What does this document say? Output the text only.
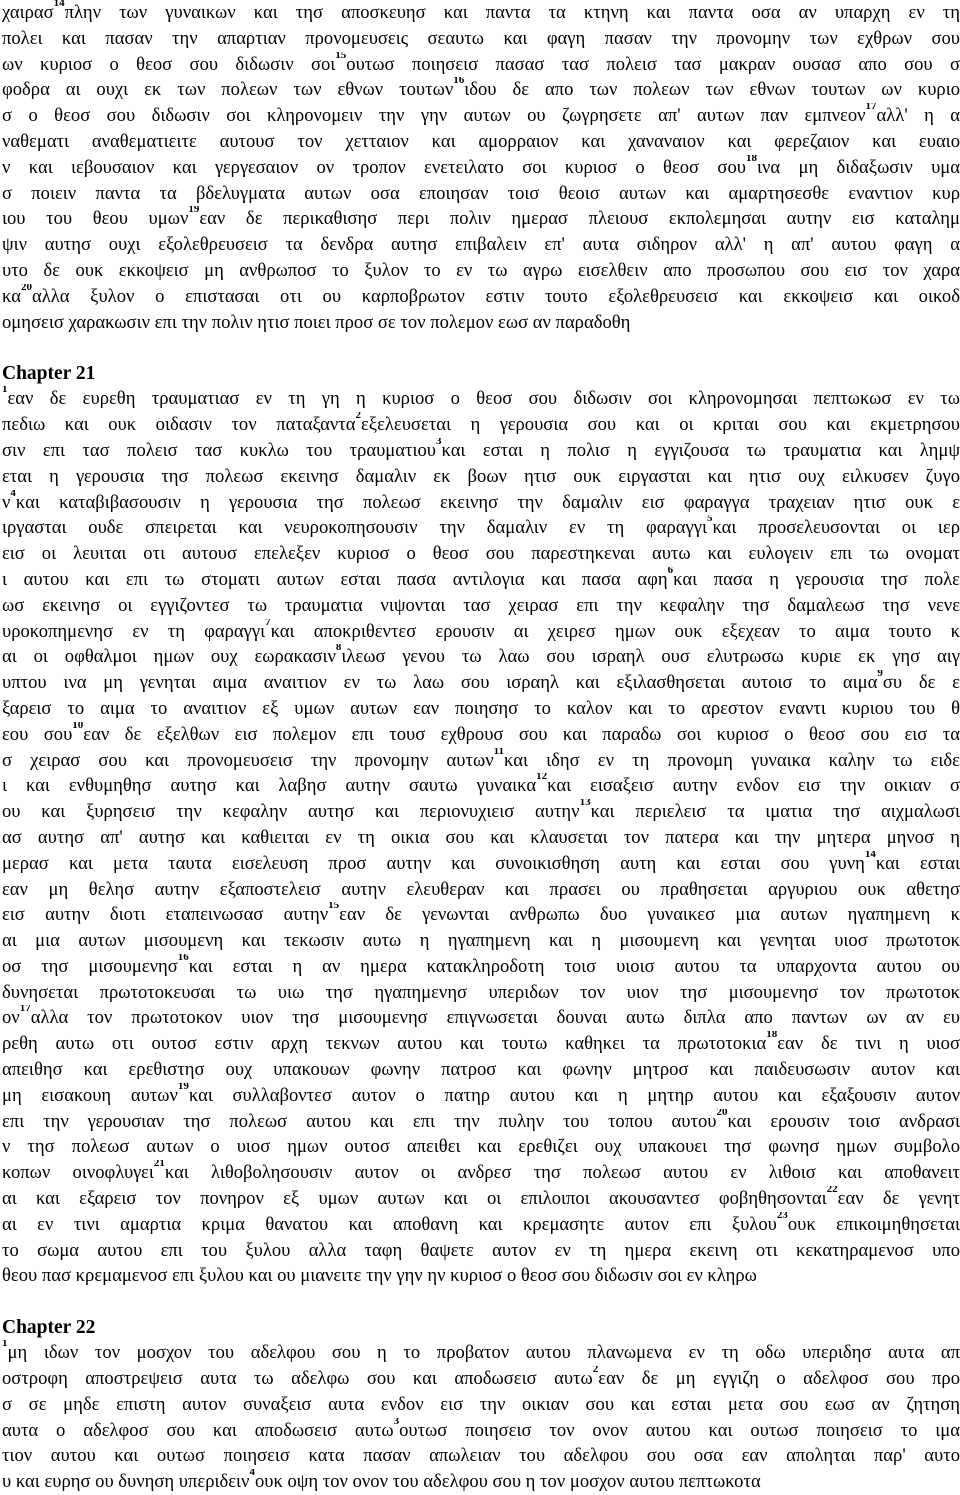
χαιρασ$^{14}$πλην των γυναικων και τησ αποσκευησ και παντα τα κτηνη και παντα οσα αν υπαρχη εν τη
πολει και πασαν την απαρτιαν προνομευσεις σεαυτω και φαγη πασαν την προνομην των εχθρων σου
ων κυριοσ ο θεοσ σου διδωσιν σοι$^{15}$ουτωσ ποιησεισ πασασ τασ πολεισ τασ μακραν ουσασ απο σου σ
φοδρα αι ουχι εκ των πολεων των εθνων τουτων$^{16}$ιδου δε απο των πολεων των εθνων τουτων ων κυριο
σ ο θεοσ σου διδωσιν σοι κληρονομειν την γην αυτων ου ζωγρησετε απ' αυτων παν εμπνεον$^{17}$αλλ' η α
ναθεματι αναθεματιειτε αυτουσ τον χετταιον και αμορραιον και χαναναιον και φερεζαιον και ευαιο
ν και ιεβουσαιον και γεργεσαιον ον τροπον ενετειλατο σοι κυριοσ ο θεοσ σου$^{18}$ινα μη διδαξωσιν υμα
σ ποιειν παντα τα βδελυγματα αυτων οσα εποιησαν τοισ θεοισ αυτων και αμαρτησεσθε εναντιον κυρ
ιου του θεου υμων$^{19}$εαν δε περικαθισησ περι πολιν ημερασ πλειουσ εκπολεμησαι αυτην εισ καταλημ
ψιν αυτησ ουχι εξολεθρευσεισ τα δενδρα αυτησ επιβαλειν επ' αυτα σιδηρον αλλ' η απ' αυτου φαγη α
υτο δε ουκ εκκοψεισ μη ανθρωποσ το ξυλον το εν τω αγρω εισελθειν απο προσωπου σου εισ τον χαρα
$\kappa\alpha^{20}\alpha\lambda\lambda\alpha$ ξυλον ο επιστασαι οτι ου καρποβρωτον εστιν τουτο εξολεθρευσεισ και εκκοψεισ και οικοδ
ομησεισ χαρακωσιν επι την πολιν ητισ ποιει προσ σε τον πολεμον εωσ αν παραδοθη
Chapter 21
$^1$εαν δε ευρεθη τραυματιασ εν τη γη η κυριοσ ο θεοσ σου διδωσιν σοι κληρονομησαι πεπτωκωσ εν τω
πεδιω και ουκ οιδασιν τον παταξαντα$^2$εξελευσεται η γερουσια σου και οι κριται σου και εκμετρησου
σιν επι τασ πολεισ τασ κυκλω του τραυματιου$^3$και εσται η πολισ η εγγιζουσα τω τραυματια και λημψ
εται η γερουσια τησ πολεωσ εκεινησ δαμαλιν εκ βοων ητισ ουκ ειργασται και ητισ ουχ ειλκυσεν ζυγο
$\nu^4\kappa\alpha\iota$ καταβιβασουσιν η γερουσια τησ πολεωσ εκεινησ την δαμαλιν εισ φαραγγα τραχειαν ητισ ουκ ε
ιργασται ουδε σπειρεται και νευροκοπησουσιν την δαμαλιν εν τη φαραγγι$^5$και προσελευσονται οι ιερ
εισ οι λευιται οτι αυτουσ επελεξεν κυριοσ ο θεοσ σου παρεστηκεναι αυτω και ευλογειν επι τω ονοματ
ι αυτου και επι τω στοματι αυτων εσται πασα αντιλογια και πασα αφη$^6$και πασα η γερουσια τησ πολε
ωσ εκεινησ οι εγγιζοντεσ τω τραυματια νιψονται τασ χειρασ επι την κεφαλην τησ δαμαλεωσ τησ νενε
υροκοπημενησ εν τη φαραγγι$^7$και αποκριθεντεσ ερουσιν αι χειρεσ ημων ουκ εξεχεαν το αιμα τουτο κ
αι οι οφθαλμοι ημων ουχ εωρακασιν$^8$ιλεωσ γενου τω λαω σου ισραηλ ουσ ελυτρωσω κυριε εκ γησ αιγ
υπτου ινα μη γενηται αιμα αναιτιον εν τω λαω σου ισραηλ και εξιλασθησεται αυτοισ το αιμα$^9$συ δε ε
ξαρεισ το αιμα το αναιτιον εξ υμων αυτων εαν ποιησησ το καλον και το αρεστον εναντι κυριου του θ
εου σου$^{10}$εαν δε εξελθων εισ πολεμον επι τουσ εχθρουσ σου και παραδω σοι κυριοσ ο θεοσ σου εισ τα
σ χειρασ σου και προνομευσεισ την προνομην αυτων$^{11}$και ιδησ εν τη προνομη γυναικα καλην τω ειδε
ι και ενθυμηθησ αυτησ και λαβησ αυτην σαυτω γυναικα$^{12}$και εισαξεισ αυτην ενδον εισ την οικιαν σ
ου και ξυρησεισ την κεφαλην αυτησ και περιονυχιεισ αυτην$^{13}$και περιελεισ τα ιματια τησ αιχμαλωσι
ασ αυτησ απ' αυτησ και καθιειται εν τη οικια σου και κλαυσεται τον πατερα και την μητερα μηνοσ η
μερασ και μετα ταυτα εισελευση προσ αυτην και συνοικισθηση αυτη και εσται σου γυνη$^{14}$και εσται
εαν μη θελησ αυτην εξαποστελεισ αυτην ελευθεραν και πρασει ου πραθησεται αργυριου ουκ αθετησ
εισ αυτην διοτι εταπεινωσασ αυτην$^{15}$εαν δε γενωνται ανθρωπω δυο γυναικεσ μια αυτων ηγαπημενη κ
αι μια αυτων μισουμενη και τεκωσιν αυτω η ηγαπημενη και η μισουμενη και γενηται υιοσ πρωτοτοκ
οσ τησ μισουμενησ$^{16}$και εσται η αν ημερα κατακληροδοτη τοισ υιοισ αυτου τα υπαρχοντα αυτου ου
δυνησεται πρωτοτοκευσαι τω υιω τησ ηγαπημενησ υπεριδων τον υιον τησ μισουμενησ τον πρωτοτοκ
$o\nu^{17}\alpha\lambda\lambda\alpha$ τον πρωτοτοκον υιον τησ μισουμενησ επιγνωσεται δουναι αυτω διπλα απο παντων ων αν ευ
ρεθη αυτω οτι ουτοσ εστιν αρχη τεκνων αυτου και τουτω καθηκει τα πρωτοτοκια$^{18}$εαν δε τινι η υιοσ
απειθησ και ερεθιστησ ουχ υπακουων φωνην πατροσ και φωνην μητροσ και παιδευσωσιν αυτον και
μη εισακουη αυτων$^{19}$και συλλαβοντεσ αυτον ο πατηρ αυτου και η μητηρ αυτου και εξαξουσιν αυτον
επι την γερουσιαν τησ πολεωσ αυτου και επι την πυλην του τοπου αυτου$^{20}$και ερουσιν τοισ ανδρασι
ν τησ πολεωσ αυτων ο υιοσ ημων ουτοσ απειθει και ερεθιζει ουχ υπακουει τησ φωνησ ημων συμβολο
κοπων οινοφλυγει$^{21}$και λιθοβολησουσιν αυτον οι ανδρεσ τησ πολεωσ αυτου εν λιθοισ και αποθανειτ
αι και εξαρεισ τον πονηρον εξ υμων αυτων και οι επιλοιποι ακουσαντεσ φοβηθησονται$^{22}$εαν δε γενητ
αι εν τινι αμαρτια κριμα θανατου και αποθανη και κρεμασητε αυτον επι ξυλου$^{23}$ουκ επικοιμηθησεται
το σωμα αυτου επι του ξυλου αλλα ταφη θαψετε αυτον εν τη ημερα εκεινη οτι κεκατηραμενοσ υπο
θεου πασ κρεμαμενοσ επι ξυλου και ου μιανειτε την γην ην κυριοσ ο θεοσ σου διδωσιν σοι εν κληρω
Chapter 22
$^1$μη ιδων τον μοσχον του αδελφου σου η το προβατον αυτου πλανωμενα εν τη οδω υπεριδησ αυτα απ
οστροφη αποστρεψεισ αυτα τω αδελφω σου και αποδωσεισ αυτω$^2$εαν δε μη εγγιζη ο αδελφοσ σου προ
σ σε μηδε επιστη αυτον συναξεισ αυτα ενδον εισ την οικιαν σου και εσται μετα σου εωσ αν ζητηση
αυτα ο αδελφοσ σου και αποδωσεισ αυτω$^3$ουτωσ ποιησεισ τον ονον αυτου και ουτωσ ποιησεισ το ιμα
τιον αυτου και ουτωσ ποιησεισ κατα πασαν απωλειαν του αδελφου σου οσα εαν αποληται παρ' αυτο
υ και ευρησ ου δυνηση υπεριδειν$^4$ουκ οψη τον ονον του αδελφου σου η τον μοσχον αυτου πεπτωκοτα
